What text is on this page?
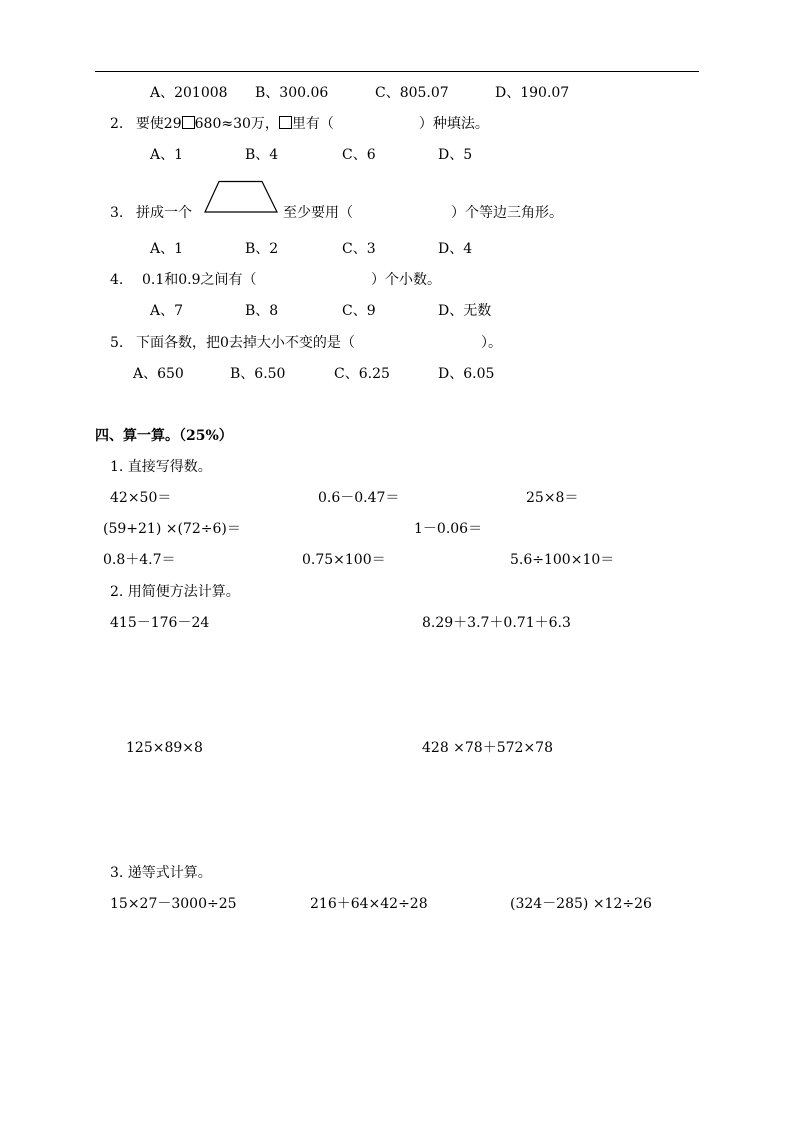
A、201008 B、300.06	C、805.07	D、190.07
2. 要使29 680≈30万， 里有（	）种填法。
A、1	B、4	C、6	D、5
3. 拼成一个	至少要用（	）个等边三角形。
A、1	B、2	C、3	D、4
4. 0.1和0.9之间有（	）个小数。
A、7	B、8	C、9	D、无数
5. 下面各数，把0去掉大小不变的是（	）。
A、650	B、6.50	C、6.25	D、6.05
四、算一算。（25%）
1. 直接写得数。
42×50＝	0.6－0.47＝	25×8＝
(59+21) ×(72÷6)＝	1－0.06＝
0.8＋4.7＝	0.75×100＝	5.6÷100×10＝
2. 用简便方法计算。
415－176－24	8.29＋3.7＋0.71＋6.3
125×89×8	428 ×78＋572×78
3. 递等式计算。
15×27－3000÷25	216＋64×42÷28	(324－285) ×12÷26
